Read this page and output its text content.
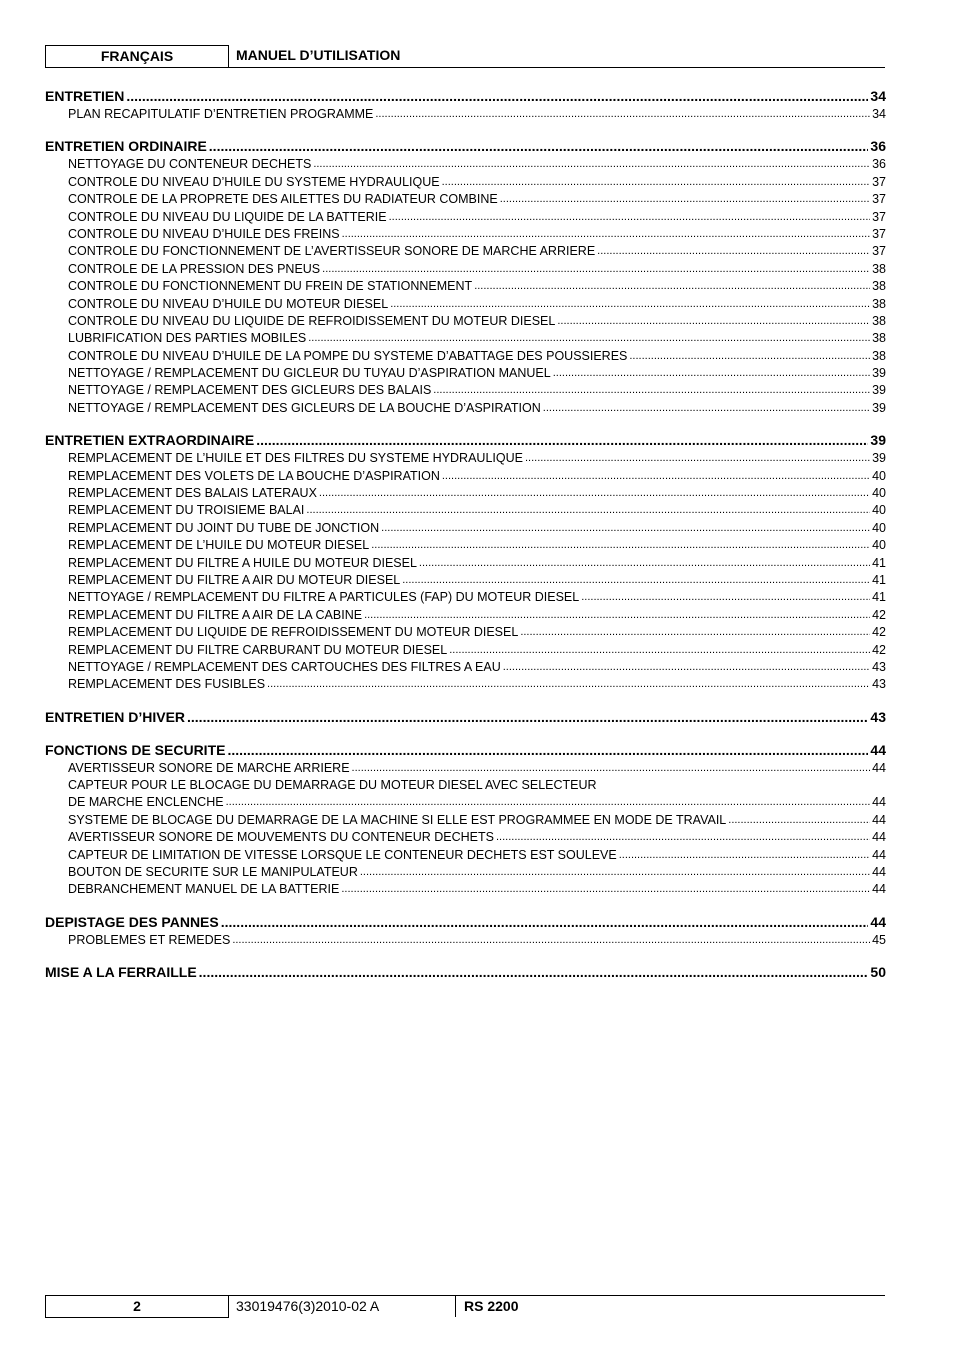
FRANÇAIS	MANUEL D’UTILISATION
ENTRETIEN .....	34
PLAN RECAPITULATIF D’ENTRETIEN PROGRAMME .....	34
ENTRETIEN ORDINAIRE .....	36
NETTOYAGE DU CONTENEUR DECHETS .....	36
CONTROLE DU NIVEAU D’HUILE DU SYSTEME HYDRAULIQUE .....	37
CONTROLE DE LA PROPRETE DES AILETTES DU RADIATEUR COMBINE .....	37
CONTROLE DU NIVEAU DU LIQUIDE DE LA BATTERIE .....	37
CONTROLE DU NIVEAU D’HUILE DES FREINS .....	37
CONTROLE DU FONCTIONNEMENT DE L’AVERTISSEUR SONORE DE MARCHE ARRIERE .....	37
CONTROLE DE LA PRESSION DES PNEUS .....	38
CONTROLE DU FONCTIONNEMENT DU FREIN DE STATIONNEMENT .....	38
CONTROLE DU NIVEAU D’HUILE DU MOTEUR DIESEL .....	38
CONTROLE DU NIVEAU DU LIQUIDE DE REFROIDISSEMENT DU MOTEUR DIESEL .....	38
LUBRIFICATION DES PARTIES MOBILES .....	38
CONTROLE DU NIVEAU D’HUILE DE LA POMPE DU SYSTEME D’ABATTAGE DES POUSSIERES .....	38
NETTOYAGE / REMPLACEMENT DU GICLEUR DU TUYAU D’ASPIRATION MANUEL .....	39
NETTOYAGE / REMPLACEMENT DES GICLEURS DES BALAIS .....	39
NETTOYAGE / REMPLACEMENT DES GICLEURS DE LA BOUCHE D’ASPIRATION .....	39
ENTRETIEN EXTRAORDINAIRE .....	39
REMPLACEMENT DE L’HUILE ET DES FILTRES DU SYSTEME HYDRAULIQUE .....	39
REMPLACEMENT DES VOLETS DE LA BOUCHE D’ASPIRATION .....	40
REMPLACEMENT DES BALAIS LATERAUX .....	40
REMPLACEMENT DU TROISIEME BALAI .....	40
REMPLACEMENT DU JOINT DU TUBE DE JONCTION .....	40
REMPLACEMENT DE L’HUILE DU MOTEUR DIESEL .....	40
REMPLACEMENT DU FILTRE A HUILE DU MOTEUR DIESEL .....	41
REMPLACEMENT DU FILTRE A AIR DU MOTEUR DIESEL .....	41
NETTOYAGE / REMPLACEMENT DU FILTRE A PARTICULES (FAP) DU MOTEUR DIESEL .....	41
REMPLACEMENT DU FILTRE A AIR DE LA CABINE .....	42
REMPLACEMENT DU LIQUIDE DE REFROIDISSEMENT DU MOTEUR DIESEL .....	42
REMPLACEMENT DU FILTRE CARBURANT DU MOTEUR DIESEL .....	42
NETTOYAGE / REMPLACEMENT DES CARTOUCHES DES FILTRES A EAU .....	43
REMPLACEMENT DES FUSIBLES .....	43
ENTRETIEN D’HIVER .....	43
FONCTIONS DE SECURITE .....	44
AVERTISSEUR SONORE DE MARCHE ARRIERE .....	44
CAPTEUR POUR LE BLOCAGE DU DEMARRAGE DU MOTEUR DIESEL AVEC SELECTEUR
DE MARCHE ENCLENCHE .....	44
SYSTEME DE BLOCAGE DU DEMARRAGE DE LA MACHINE SI ELLE EST PROGRAMMEE EN MODE DE TRAVAIL .....	44
AVERTISSEUR SONORE DE MOUVEMENTS DU CONTENEUR DECHETS .....	44
CAPTEUR DE LIMITATION DE VITESSE LORSQUE LE CONTENEUR DECHETS EST SOULEVE .....	44
BOUTON DE SECURITE SUR LE MANIPULATEUR .....	44
DEBRANCHEMENT MANUEL DE LA BATTERIE .....	44
DEPISTAGE DES PANNES .....	44
PROBLEMES ET REMEDES .....	45
MISE A LA FERRAILLE .....	50
2	33019476(3)2010-02 A	RS 2200
